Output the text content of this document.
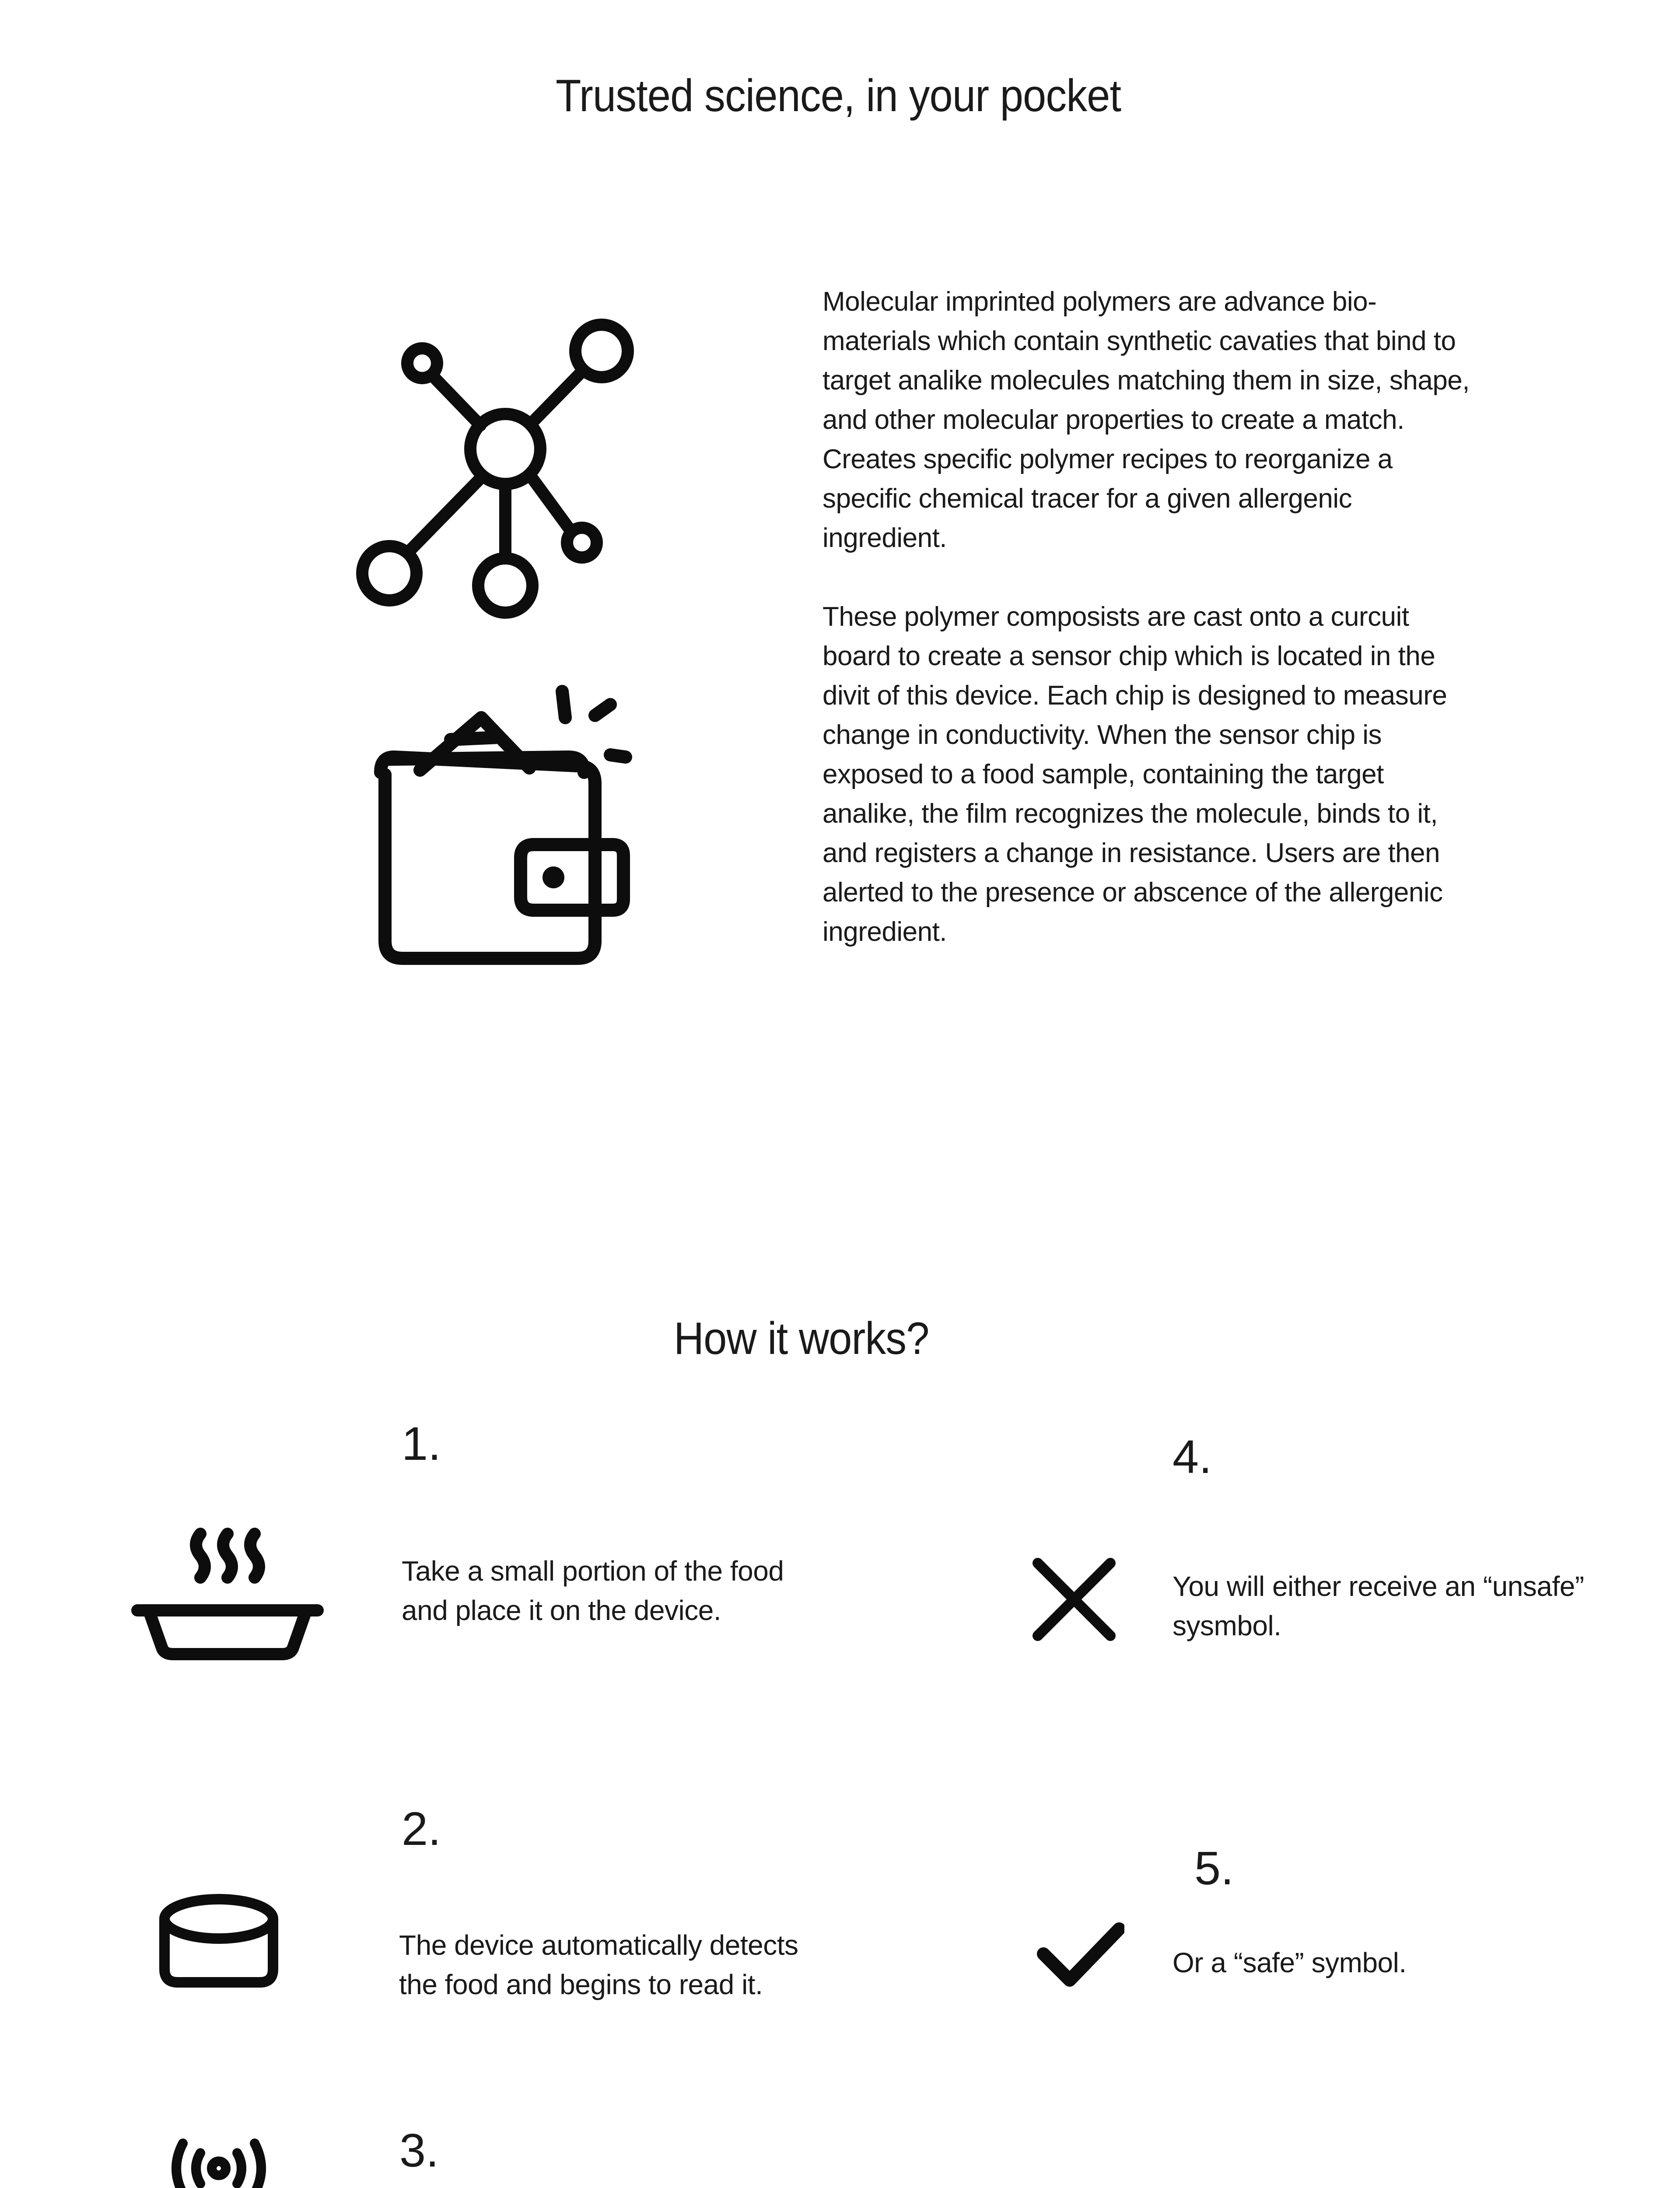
Trusted science, in your pocket

Molecular imprinted polymers are advance bio-materials which contain synthetic cavaties that bind to target analike molecules matching them in size, shape, and other molecular properties to create a match. Creates specific polymer recipes to reorganize a specific chemical tracer for a given allergenic ingredient.

These polymer composists are cast onto a curcuit board to create a sensor chip which is located in the divit of this device. Each chip is designed to measure change in conductivity. When the sensor chip is exposed to a food sample, containing the target analike, the film recognizes the molecule, binds to it, and registers a change in resistance. Users are then alerted to the presence or abscence of the allergenic ingredient.

How it works?
1.
Take a small portion of the food and place it on the device.
2.
The device automatically detects the food and begins to read it.
3.
4.
You will either receive an “unsafe” sysmbol.
5.
Or a “safe” symbol.
